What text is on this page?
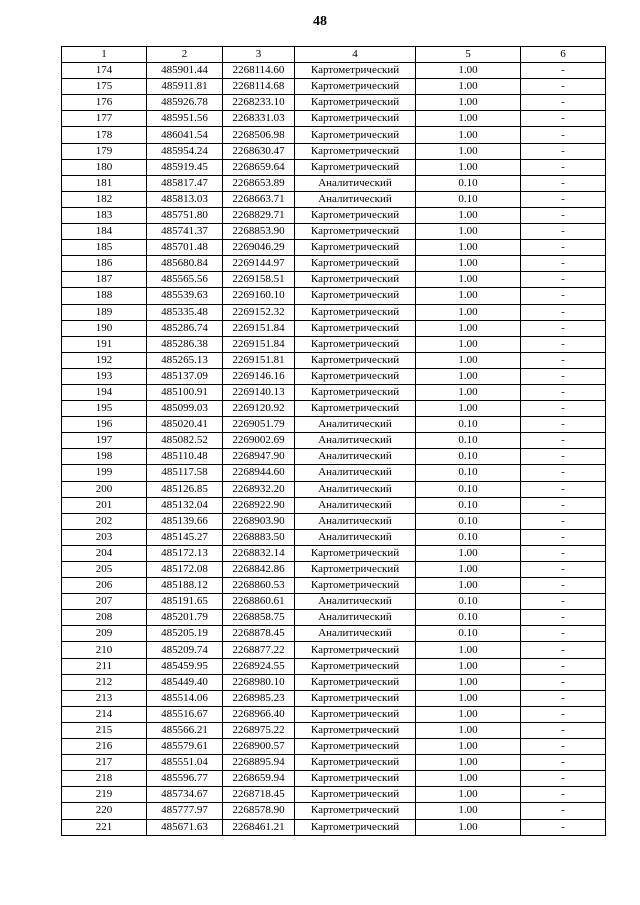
48
1	2	3	4	5	6
174	485901.44	2268114.60	Картометрический	1.00	-
175	485911.81	2268114.68	Картометрический	1.00	-
176	485926.78	2268233.10	Картометрический	1.00	-
177	485951.56	2268331.03	Картометрический	1.00	-
178	486041.54	2268506.98	Картометрический	1.00	-
179	485954.24	2268630.47	Картометрический	1.00	-
180	485919.45	2268659.64	Картометрический	1.00	-
181	485817.47	2268653.89	Аналитический	0.10	-
182	485813.03	2268663.71	Аналитический	0.10	-
183	485751.80	2268829.71	Картометрический	1.00	-
184	485741.37	2268853.90	Картометрический	1.00	-
185	485701.48	2269046.29	Картометрический	1.00	-
186	485680.84	2269144.97	Картометрический	1.00	-
187	485565.56	2269158.51	Картометрический	1.00	-
188	485539.63	2269160.10	Картометрический	1.00	-
189	485335.48	2269152.32	Картометрический	1.00	-
190	485286.74	2269151.84	Картометрический	1.00	-
191	485286.38	2269151.84	Картометрический	1.00	-
192	485265.13	2269151.81	Картометрический	1.00	-
193	485137.09	2269146.16	Картометрический	1.00	-
194	485100.91	2269140.13	Картометрический	1.00	-
195	485099.03	2269120.92	Картометрический	1.00	-
196	485020.41	2269051.79	Аналитический	0.10	-
197	485082.52	2269002.69	Аналитический	0.10	-
198	485110.48	2268947.90	Аналитический	0.10	-
199	485117.58	2268944.60	Аналитический	0.10	-
200	485126.85	2268932.20	Аналитический	0.10	-
201	485132.04	2268922.90	Аналитический	0.10	-
202	485139.66	2268903.90	Аналитический	0.10	-
203	485145.27	2268883.50	Аналитический	0.10	-
204	485172.13	2268832.14	Картометрический	1.00	-
205	485172.08	2268842.86	Картометрический	1.00	-
206	485188.12	2268860.53	Картометрический	1.00	-
207	485191.65	2268860.61	Аналитический	0.10	-
208	485201.79	2268858.75	Аналитический	0.10	-
209	485205.19	2268878.45	Аналитический	0.10	-
210	485209.74	2268877.22	Картометрический	1.00	-
211	485459.95	2268924.55	Картометрический	1.00	-
212	485449.40	2268980.10	Картометрический	1.00	-
213	485514.06	2268985.23	Картометрический	1.00	-
214	485516.67	2268966.40	Картометрический	1.00	-
215	485566.21	2268975.22	Картометрический	1.00	-
216	485579.61	2268900.57	Картометрический	1.00	-
217	485551.04	2268895.94	Картометрический	1.00	-
218	485596.77	2268659.94	Картометрический	1.00	-
219	485734.67	2268718.45	Картометрический	1.00	-
220	485777.97	2268578.90	Картометрический	1.00	-
221	485671.63	2268461.21	Картометрический	1.00	-
